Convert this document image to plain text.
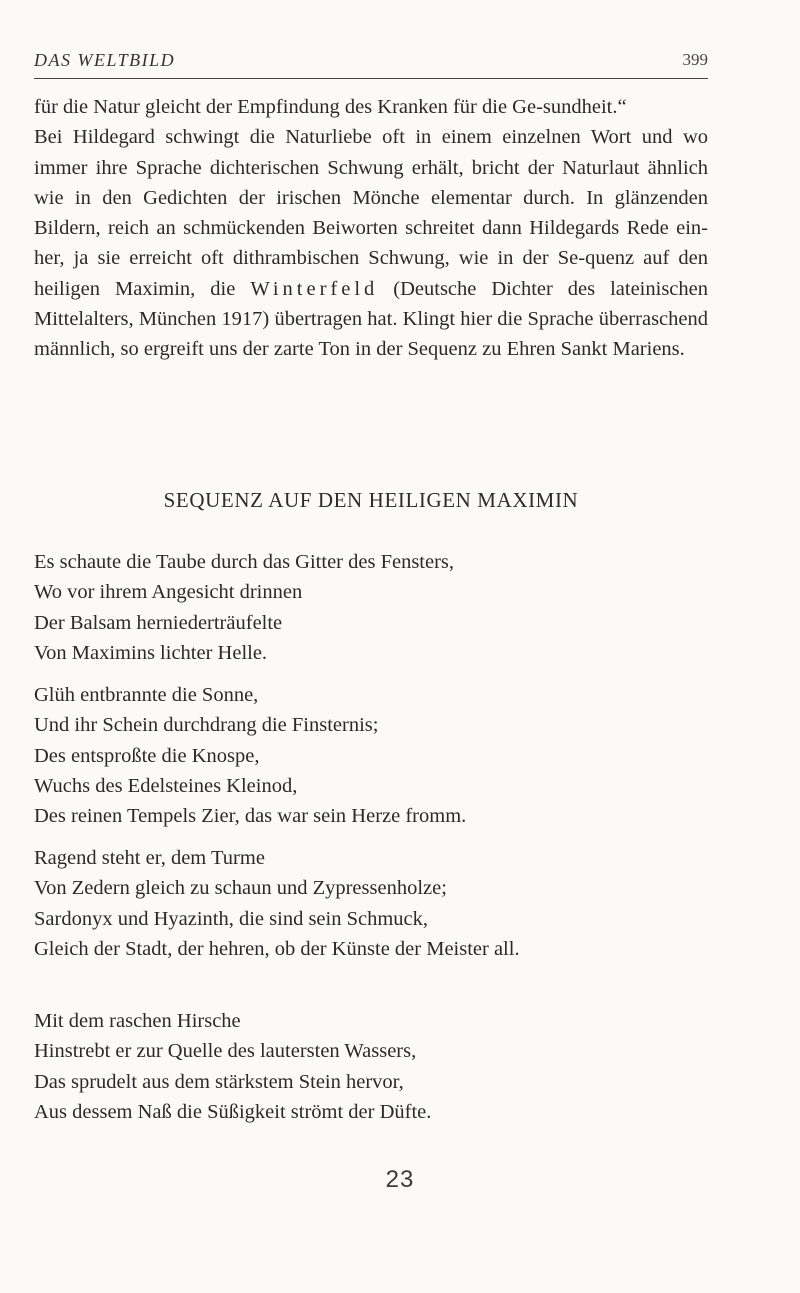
DAS WELTBILD	399

für die Natur gleicht der Empfindung des Kranken für die Ge-sundheit.“

Bei Hildegard schwingt die Naturliebe oft in einem einzelnen Wort und wo immer ihre Sprache dichterischen Schwung erhält, bricht der Naturlaut ähnlich wie in den Gedichten der irischen Mönche elementar durch. In glänzenden Bildern, reich an schmückenden Beiworten schreitet dann Hildegards Rede ein-her, ja sie erreicht oft dithrambischen Schwung, wie in der Se-quenz auf den heiligen Maximin, die Winterfeld (Deutsche Dichter des lateinischen Mittelalters, München 1917) übertragen hat. Klingt hier die Sprache überraschend männlich, so ergreift uns der zarte Ton in der Sequenz zu Ehren Sankt Mariens.

SEQUENZ AUF DEN HEILIGEN MAXIMIN
Es schaute die Taube durch das Gitter des Fensters,
Wo vor ihrem Angesicht drinnen
Der Balsam herniederträufelte
Von Maximins lichter Helle.
Glüh entbrannte die Sonne,
Und ihr Schein durchdrang die Finsternis;
Des entsproßte die Knospe,
Wuchs des Edelsteines Kleinod,
Des reinen Tempels Zier, das war sein Herze fromm.
Ragend steht er, dem Turme
Von Zedern gleich zu schaun und Zypressenholze;
Sardonyx und Hyazinth, die sind sein Schmuck,
Gleich der Stadt, der hehren, ob der Künste der Meister all.
Mit dem raschen Hirsche
Hinstrebt er zur Quelle des lautersten Wassers,
Das sprudelt aus dem stärkstem Stein hervor,
Aus dessem Naß die Süßigkeit strömt der Düfte.
23
